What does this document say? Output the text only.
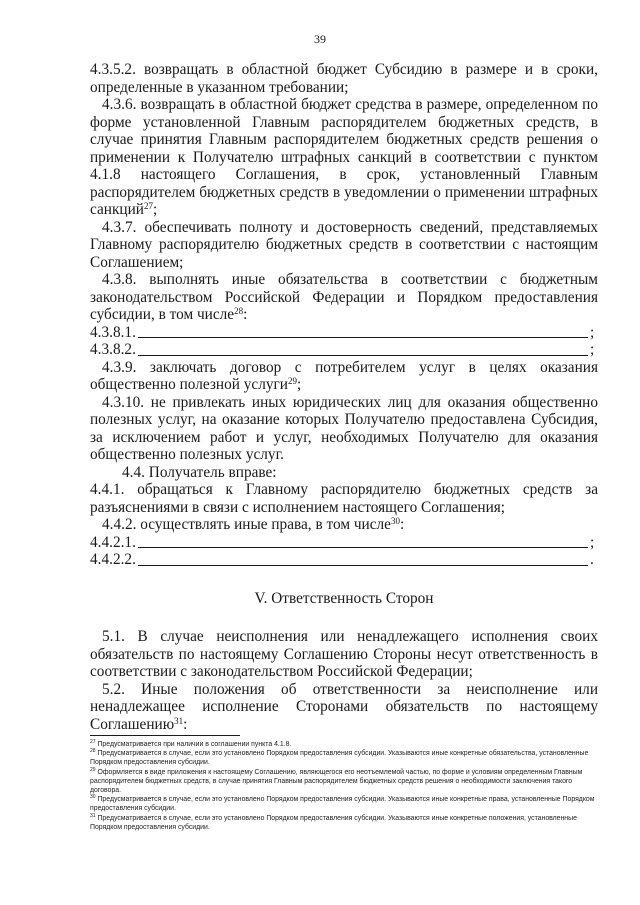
39

4.3.5.2. возвращать в областной бюджет Субсидию в размере и в сроки, определенные в указанном требовании;

4.3.6. возвращать в областной бюджет средства в размере, определенном по форме установленной Главным распорядителем бюджетных средств, в случае принятия Главным распорядителем бюджетных средств решения о применении к Получателю штрафных санкций в соответствии с пунктом 4.1.8 настоящего Соглашения, в срок, установленный Главным распорядителем бюджетных средств в уведомлении о применении штрафных санкций$^{27}$;

4.3.7. обеспечивать полноту и достоверность сведений, представляемых Главному распорядителю бюджетных средств в соответствии с настоящим Соглашением;

4.3.8. выполнять иные обязательства в соответствии с бюджетным законодательством Российской Федерации и Порядком предоставления субсидии, в том числе$^{28}$:

4.3.8.1.	;
4.3.8.2.	;

4.3.9. заключать договор с потребителем услуг в целях оказания общественно полезной услуги$^{29}$;

4.3.10. не привлекать иных юридических лиц для оказания общественно полезных услуг, на оказание которых Получателю предоставлена Субсидия, за исключением работ и услуг, необходимых Получателю для оказания общественно полезных услуг.

4.4. Получатель вправе:

4.4.1. обращаться к Главному распорядителю бюджетных средств за разъяснениями в связи с исполнением настоящего Соглашения;

4.4.2. осуществлять иные права, в том числе$^{30}$:

4.4.2.1.	;
4.4.2.2.	.
V. Ответственность Сторон

5.1. В случае неисполнения или ненадлежащего исполнения своих обязательств по настоящему Соглашению Стороны несут ответственность в соответствии с законодательством Российской Федерации;

5.2. Иные положения об ответственности за неисполнение или ненадлежащее исполнение Сторонами обязательств по настоящему Соглашению$^{31}$:

$^{27}$ Предусматривается при наличии в соглашении пункта 4.1.8.

$^{28}$ Предусматривается в случае, если это установлено Порядком предоставления субсидии. Указываются иные конкретные обязательства, установленные Порядком предоставления субсидии.

$^{29}$ Оформляется в виде приложения к настоящему Соглашению, являющегося его неотъемлемой частью, по форме и условиям определенным Главным распорядителем бюджетных средств, в случае принятия Главным распорядителем бюджетных средств решения о необходимости заключения такого договора.

$^{30}$ Предусматривается в случае, если это установлено Порядком предоставления субсидии. Указываются иные конкретные права, установленные Порядком предоставления субсидии.

$^{31}$ Предусматривается в случае, если это установлено Порядком предоставления субсидии. Указываются иные конкретные положения, установленные Порядком предоставления субсидии.
